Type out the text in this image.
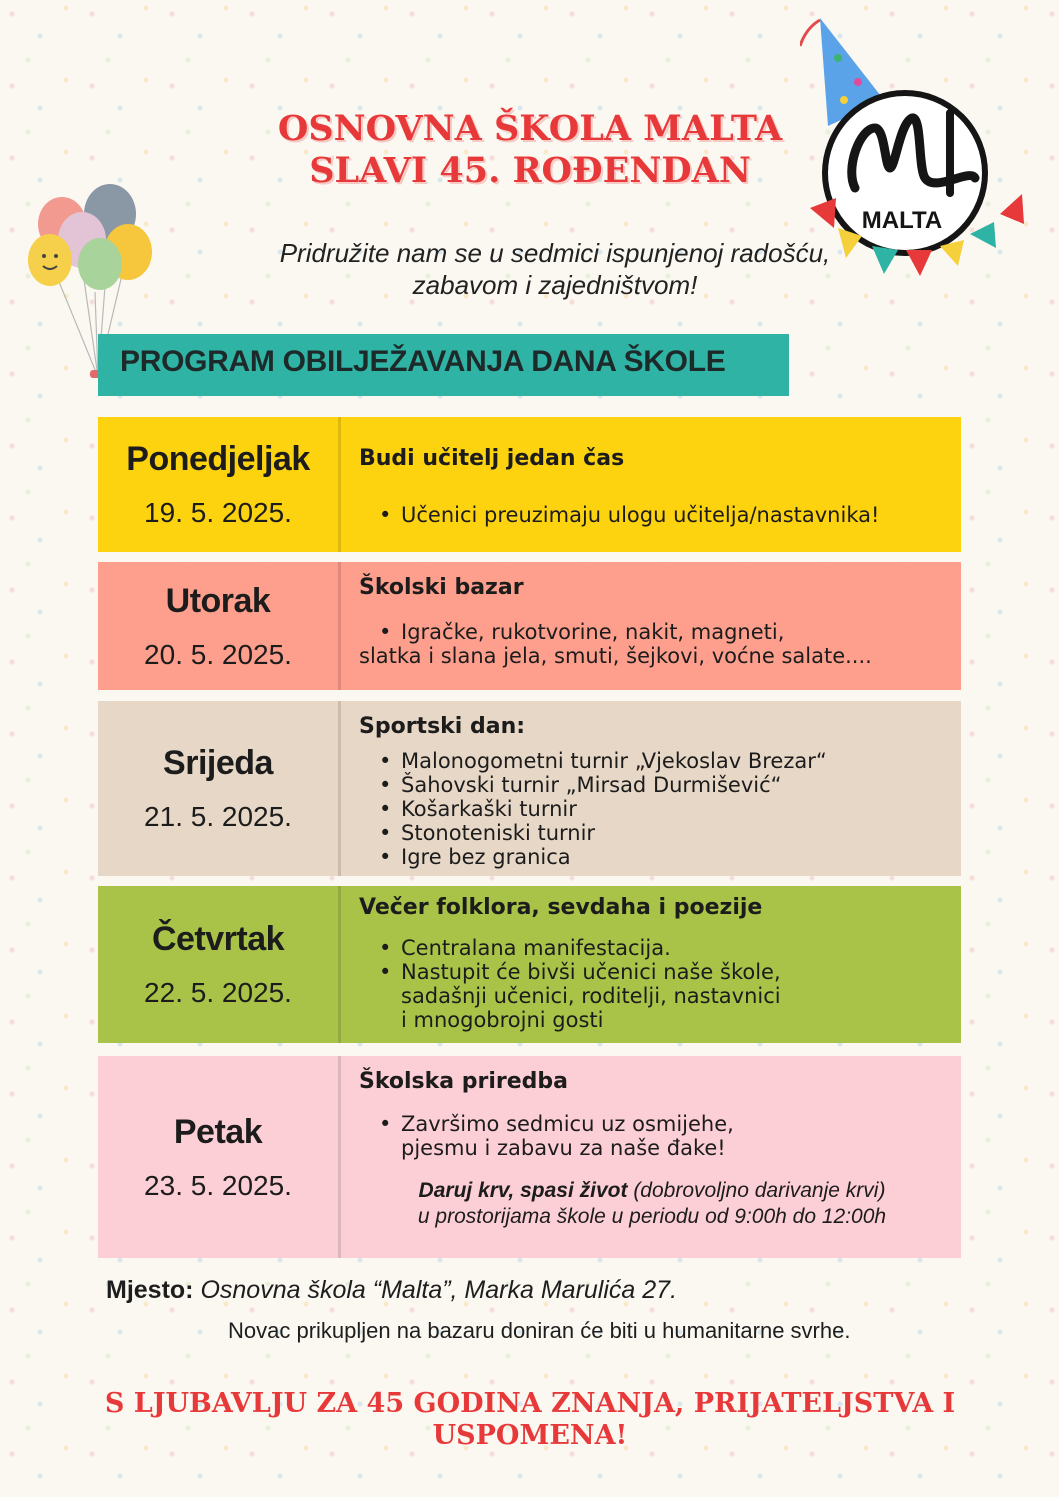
MALTA
OSNOVNA ŠKOLA MALTA
SLAVI 45. ROĐENDAN
Pridružite nam se u sedmici ispunjenoj radošću,
zabavom i zajedništvom!
PROGRAM OBILJEŽAVANJA DANA ŠKOLE
Ponedjeljak
19. 5. 2025.
Budi učitelj jedan čas
• Učenici preuzimaju ulogu učitelja/nastavnika!
Utorak
20. 5. 2025.
Školski bazar
• Igračke, rukotvorine, nakit, magneti,
slatka i slana jela, smuti, šejkovi, voćne salate....
Srijeda
21. 5. 2025.
Sportski dan:
• Malonogometni turnir „Vjekoslav Brezar“
• Šahovski turnir „Mirsad Durmišević“
• Košarkaški turnir
• Stonoteniski turnir
• Igre bez granica
Četvrtak
22. 5. 2025.
Večer folklora, sevdaha i poezije
• Centralana manifestacija.
• Nastupit će bivši učenici naše škole,
sadašnji učenici, roditelji, nastavnici
i mnogobrojni gosti
Petak
23. 5. 2025.
Školska priredba
• Završimo sedmicu uz osmijehe,
pjesmu i zabavu za naše đake!
Daruj krv, spasi život (dobrovoljno darivanje krvi)
u prostorijama škole u periodu od 9:00h do 12:00h
Mjesto: Osnovna škola “Malta”, Marka Marulića 27.
Novac prikupljen na bazaru doniran će biti u humanitarne svrhe.
S LJUBAVLJU ZA 45 GODINA ZNANJA, PRIJATELJSTVA I
USPOMENA!
